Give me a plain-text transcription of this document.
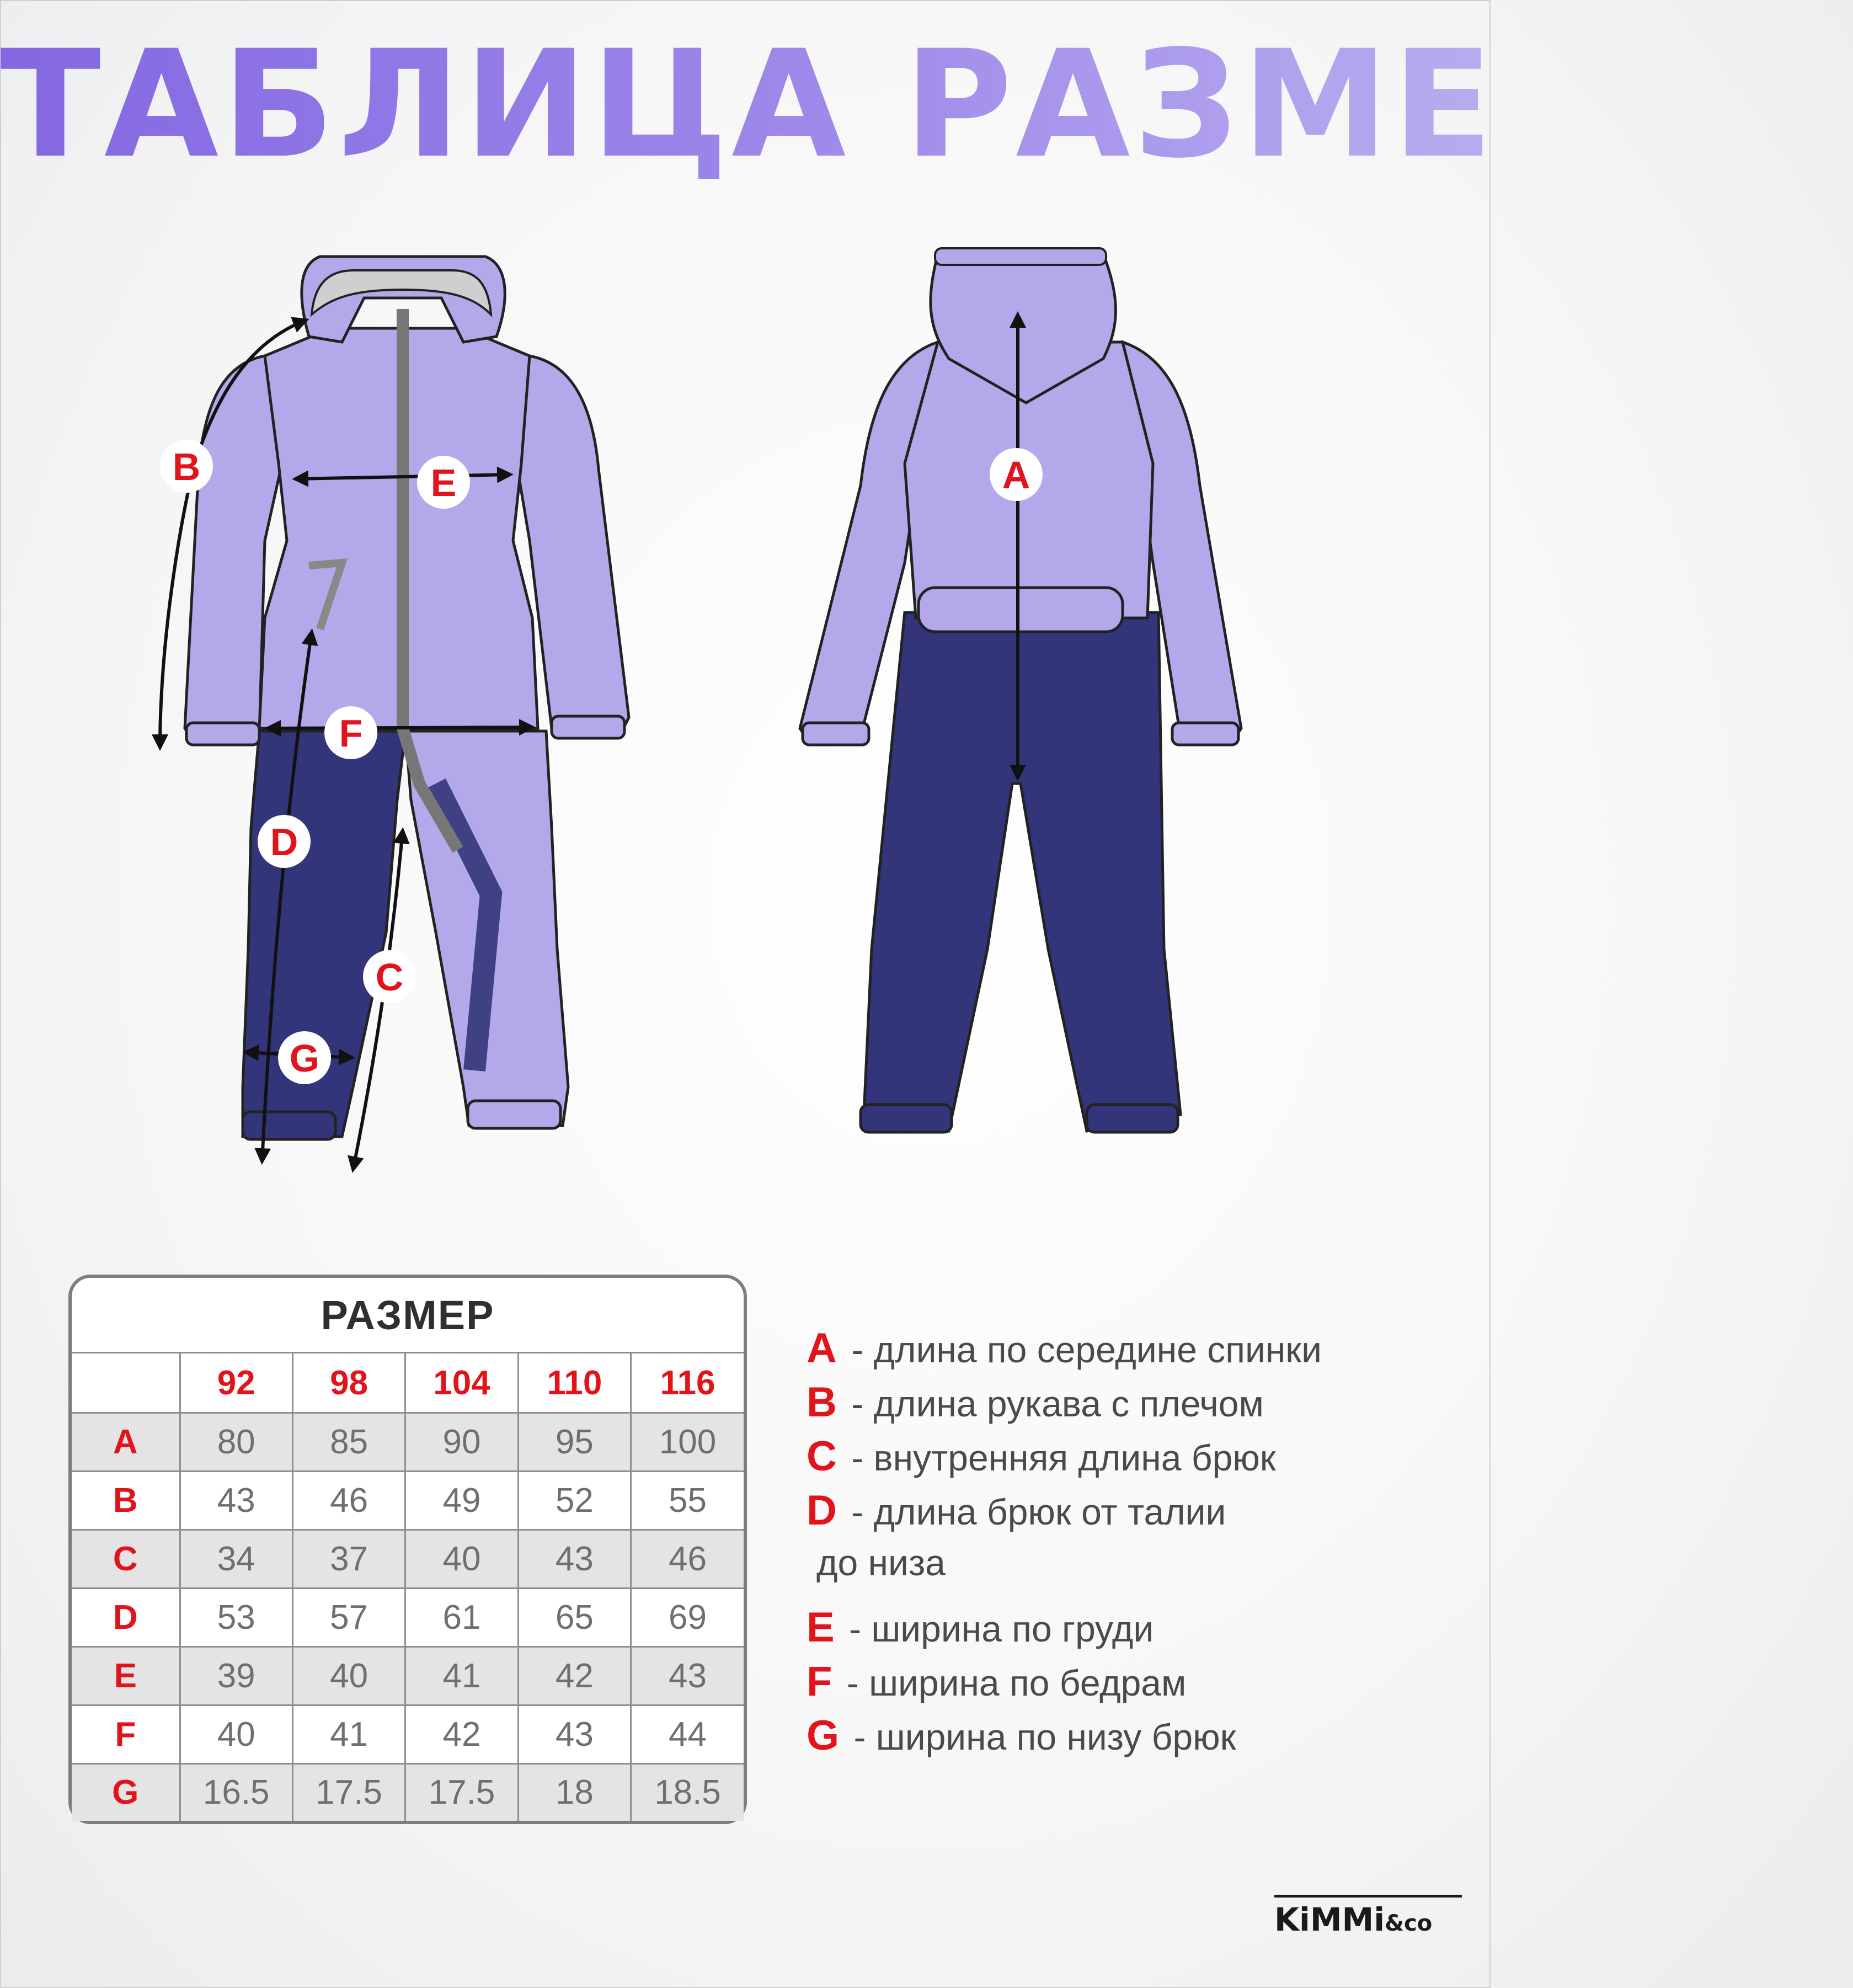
ТАБЛИЦА РАЗМЕРОВ
A
B
C
D
E
F
G
РАЗМЕР					
	92	98	104	110	116
A	80	85	90	95	100
B	43	46	49	52	55
C	34	37	40	43	46
D	53	57	61	65	69
E	39	40	41	42	43
F	40	41	42	43	44
G	16.5	17.5	17.5	18	18.5
A - длина по середине спинки
B - длина рукава с плечом
C - внутренняя длина брюк
D - длина брюк от талии
до низа
E - ширина по груди
F - ширина по бедрам
G - ширина по низу брюк
KiMMi&co
